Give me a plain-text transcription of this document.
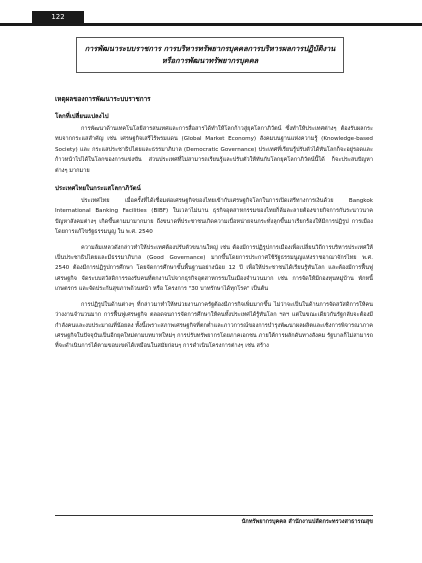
122
การพัฒนาระบบราชการ การบริหารทรัพยากรบุคคลการบริหารผลการปฏิบัติงาน
หรือการพัฒนาทรัพยากรบุคคล
เหตุผลของการพัฒนาระบบราชการ
โลกที่เปลี่ยนแปลงไป

การพัฒนาด้านเทคโนโลยีสารสนเทศและการสื่อสารได้ทำให้โลกก้าวสู่ยุคโลกาภิวัตน์ ซึ่งทำให้ประเทศต่างๆ ต้องรับผลกระทบจากกระแสสำคัญ เช่น เศรษฐกิจเสรีไร้พรมแดน (Global Market Economy) สังคมบนฐานแห่งความรู้ (Knowledge-based Society) และ กระแสประชาธิปไตยและธรรมาภิบาล (Democratic Governance) ประเทศที่เรียนรู้ปรับตัวได้ทันโลกก็จะอยู่รอดและก้าวหน้าไปได้ในโลกของการแข่งขัน ส่วนประเทศที่ไม่สามารถเรียนรู้และปรับตัวให้ทันกับโลกยุคโลกาภิวัตน์นี้ได้ ก็จะประสบปัญหาต่างๆ มากมาย

ประเทศไทยในกระแสโลกาภิวัตน์

ประเทศไทย เมื่อครั้งที่ได้เชื่อมต่อเศรษฐกิจของไทยเข้ากับเศรษฐกิจโลกในการเปิดเสรีทางการเงินด้วย Bangkok International Banking Facilities (BIBF) ในเวลาไม่นาน ธุรกิจอุตสาหกรรมของไทยก็ล้มละลายต้องขายกิจการกันระนาวนาค ปัญหาสังคมต่างๆ เกิดขึ้นตามมามากมาย ถึงขนาดที่ประชาชนเกิดความเบื่อหน่ายจนกระทั่งลุกขึ้นมาเรียกร้องให้มีการปฏิรูป การเมืองโดยการแก้ไขรัฐธรรมนูญ ใน พ.ศ. 2540

ความล้มเหลวดังกล่าวทำให้ประเทศต้องปรับตัวขนานใหญ่ เช่น ต้องมีการปฏิรูปการเมืองเพื่อเปลี่ยนวิถีการบริหารประเทศให้เป็นประชาธิปไตยและมีธรรมาภิบาล (Good Governance) มากขึ้นโดยการประกาศใช้รัฐธรรมนูญแห่งราชอาณาจักรไทย พ.ศ. 2540 ต้องมีการปฏิรูปการศึกษา โดยจัดการศึกษาขั้นพื้นฐานอย่างน้อย 12 ปี เพื่อให้ประชาชนได้เรียนรู้ทันโลก และต้องมีการฟื้นฟูเศรษฐกิจ จัดระบบสวัสดิการรองรับคนที่ตกงานไปจากธุรกิจอุตสาหกรรมในเมืองจำนวนมาก เช่น การจัดให้มีกองทุนหมู่บ้าน พักหนี้เกษตรกร และจัดประกันสุขภาพถ้วนหน้า หรือ โครงการ "30 บาทรักษาได้ทุกโรค" เป็นต้น

การปฏิรูปในด้านต่างๆ ที่กล่าวมาทำให้หน่วยงานภาครัฐต้องมีภารกิจเพิ่มมากขึ้น ไม่ว่าจะเป็นในด้านการจัดสวัสดิการให้คนว่างงานจำนวนมาก การฟื้นฟูเศรษฐกิจ ตลอดจนการจัดการศึกษาให้คนทั้งประเทศได้รู้ทันโลก ฯลฯ แต่ในขณะเดียวกันรัฐกลับจะต้องมีกำลังคนและงบประมาณที่น้อยลง ทั้งนี้เพราะสภาพเศรษฐกิจที่ตกต่ำและภาวการณ์ของการบำรุงพัฒนาผลผลิตและเชิงการพิจารณาภาคเศรษฐกิจในปัจจุบันเป็นอีกยุคใหม่ตามบทบาทใหม่ๆ การปรับทรัพยากรโดยภาคเอกชน ภายใต้การผลักดันทางสังคม รัฐบาลก็ไม่สามารถที่จะดำเนินการได้ตามขอบเขตได้เหมือนในสมัยก่อนๆ การดำเนินโครงการต่างๆ เช่น สร้าง

นักทรัพยากรบุคคล สำนักงานปลัดกระทรวงสาธารณสุข
